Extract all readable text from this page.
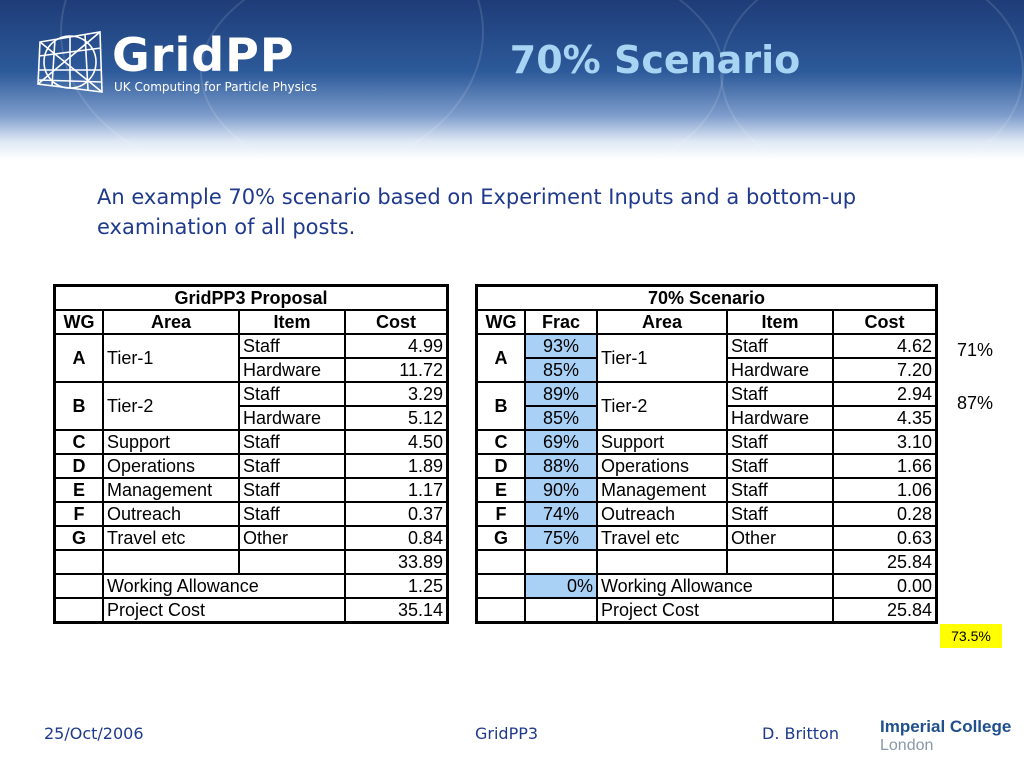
GridPP
UK Computing for Particle Physics
70% Scenario
An example 70% scenario based on Experiment Inputs and a bottom-up examination of all posts.
GridPP3 Proposal			
WG	Area	Item	Cost
A	Tier-1	Staff	4.99
		Hardware	11.72
B	Tier-2	Staff	3.29
		Hardware	5.12
C	Support	Staff	4.50
D	Operations	Staff	1.89
E	Management	Staff	1.17
F	Outreach	Staff	0.37
G	Travel etc	Other	0.84
			33.89
	Working Allowance		1.25
	Project Cost		35.14
70% Scenario				
WG	Frac	Area	Item	Cost
A	93%	Tier-1	Staff	4.62
	85%		Hardware	7.20
B	89%	Tier-2	Staff	2.94
	85%		Hardware	4.35
C	69%	Support	Staff	3.10
D	88%	Operations	Staff	1.66
E	90%	Management	Staff	1.06
F	74%	Outreach	Staff	0.28
G	75%	Travel etc	Other	0.63
				25.84
	0%	Working Allowance		0.00
		Project Cost		25.84
71%
87%
73.5%
25/Oct/2006	GridPP3	D. Britton Imperial College
London
